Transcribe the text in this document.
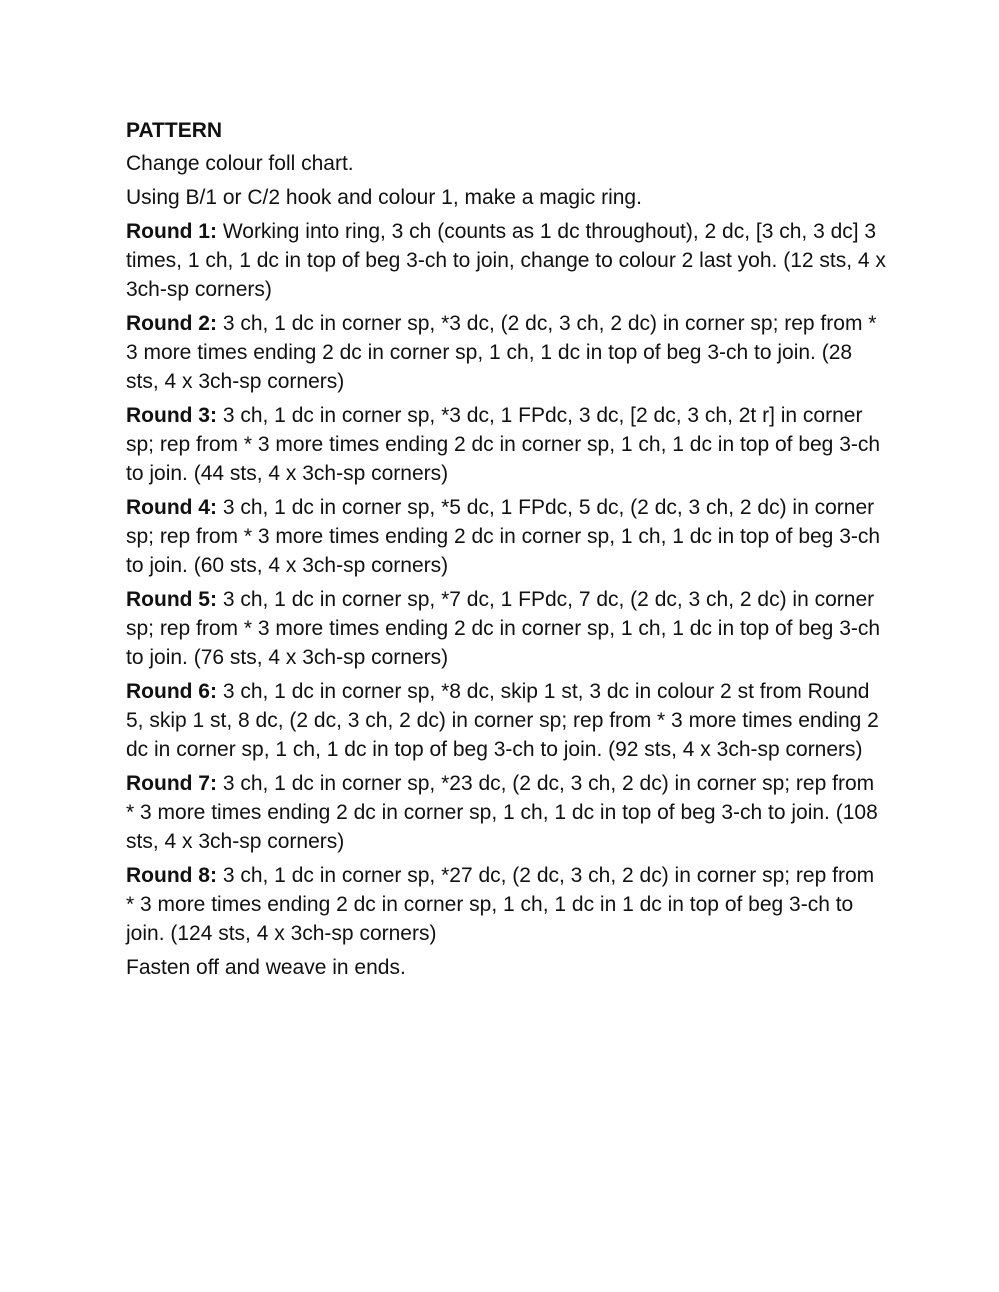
PATTERN
Change colour foll chart.
Using B/1 or C/2 hook and colour 1, make a magic ring.
Round 1: Working into ring, 3 ch (counts as 1 dc throughout), 2 dc, [3 ch, 3 dc] 3 times, 1 ch, 1 dc in top of beg 3-ch to join, change to colour 2 last yoh. (12 sts, 4 x 3ch-sp corners)
Round 2: 3 ch, 1 dc in corner sp, *3 dc, (2 dc, 3 ch, 2 dc) in corner sp; rep from * 3 more times ending 2 dc in corner sp, 1 ch, 1 dc in top of beg 3-ch to join. (28 sts, 4 x 3ch-sp corners)
Round 3: 3 ch, 1 dc in corner sp, *3 dc, 1 FPdc, 3 dc, [2 dc, 3 ch, 2t r] in corner sp; rep from * 3 more times ending 2 dc in corner sp, 1 ch, 1 dc in top of beg 3-ch to join. (44 sts, 4 x 3ch-sp corners)
Round 4: 3 ch, 1 dc in corner sp, *5 dc, 1 FPdc, 5 dc, (2 dc, 3 ch, 2 dc) in corner sp; rep from * 3 more times ending 2 dc in corner sp, 1 ch, 1 dc in top of beg 3-ch to join. (60 sts, 4 x 3ch-sp corners)
Round 5: 3 ch, 1 dc in corner sp, *7 dc, 1 FPdc, 7 dc, (2 dc, 3 ch, 2 dc) in corner sp; rep from * 3 more times ending 2 dc in corner sp, 1 ch, 1 dc in top of beg 3-ch to join. (76 sts, 4 x 3ch-sp corners)
Round 6: 3 ch, 1 dc in corner sp, *8 dc, skip 1 st, 3 dc in colour 2 st from Round 5, skip 1 st, 8 dc, (2 dc, 3 ch, 2 dc) in corner sp; rep from * 3 more times ending 2 dc in corner sp, 1 ch, 1 dc in top of beg 3-ch to join. (92 sts, 4 x 3ch-sp corners)
Round 7: 3 ch, 1 dc in corner sp, *23 dc, (2 dc, 3 ch, 2 dc) in corner sp; rep from * 3 more times ending 2 dc in corner sp, 1 ch, 1 dc in top of beg 3-ch to join. (108 sts, 4 x 3ch-sp corners)
Round 8: 3 ch, 1 dc in corner sp, *27 dc, (2 dc, 3 ch, 2 dc) in corner sp; rep from * 3 more times ending 2 dc in corner sp, 1 ch, 1 dc in 1 dc in top of beg 3-ch to join. (124 sts, 4 x 3ch-sp corners)
Fasten off and weave in ends.
